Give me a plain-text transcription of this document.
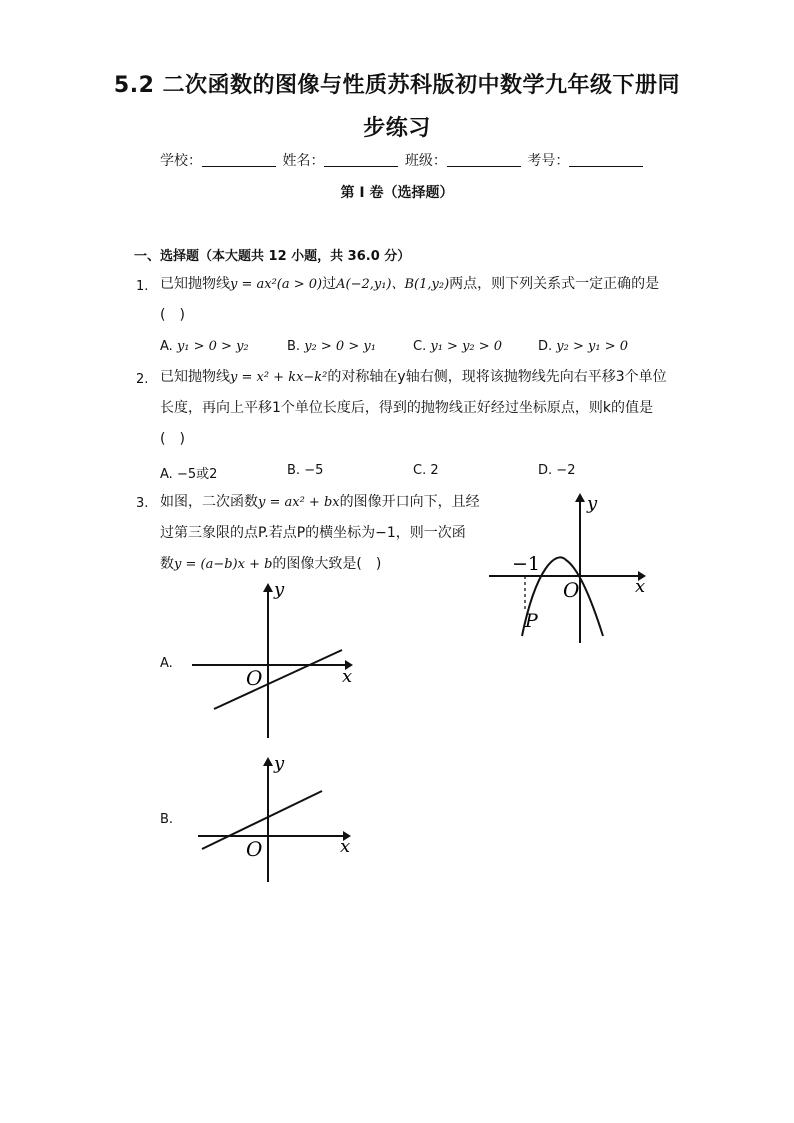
5.2 二次函数的图像与性质苏科版初中数学九年级下册同
步练习
学校：	姓名：	班级：	考号：
第 I 卷（选择题）
一、选择题（本大题共 12 小题，共 36.0 分）
1. 已知抛物线y = ax²(a > 0)过A(−2,y₁)、B(1,y₂)两点，则下列关系式一定正确的是
(　)
A. y₁ > 0 > y₂	B. y₂ > 0 > y₁	C. y₁ > y₂ > 0	D. y₂ > y₁ > 0
2. 已知抛物线y = x² + kx−k²的对称轴在y轴右侧，现将该抛物线先向右平移3个单位
长度，再向上平移1个单位长度后，得到的抛物线正好经过坐标原点，则k的值是
(　)
A. −5或2	B. −5	C. 2	D. −2
3. 如图，二次函数y = ax² + bx的图像开口向下，且经
过第三象限的点P.若点P的横坐标为−1，则一次函
数y = (a−b)x + b的图像大致是(　)	−1
O	x
y
P
A.
O	x
y
B.
O	x
y
